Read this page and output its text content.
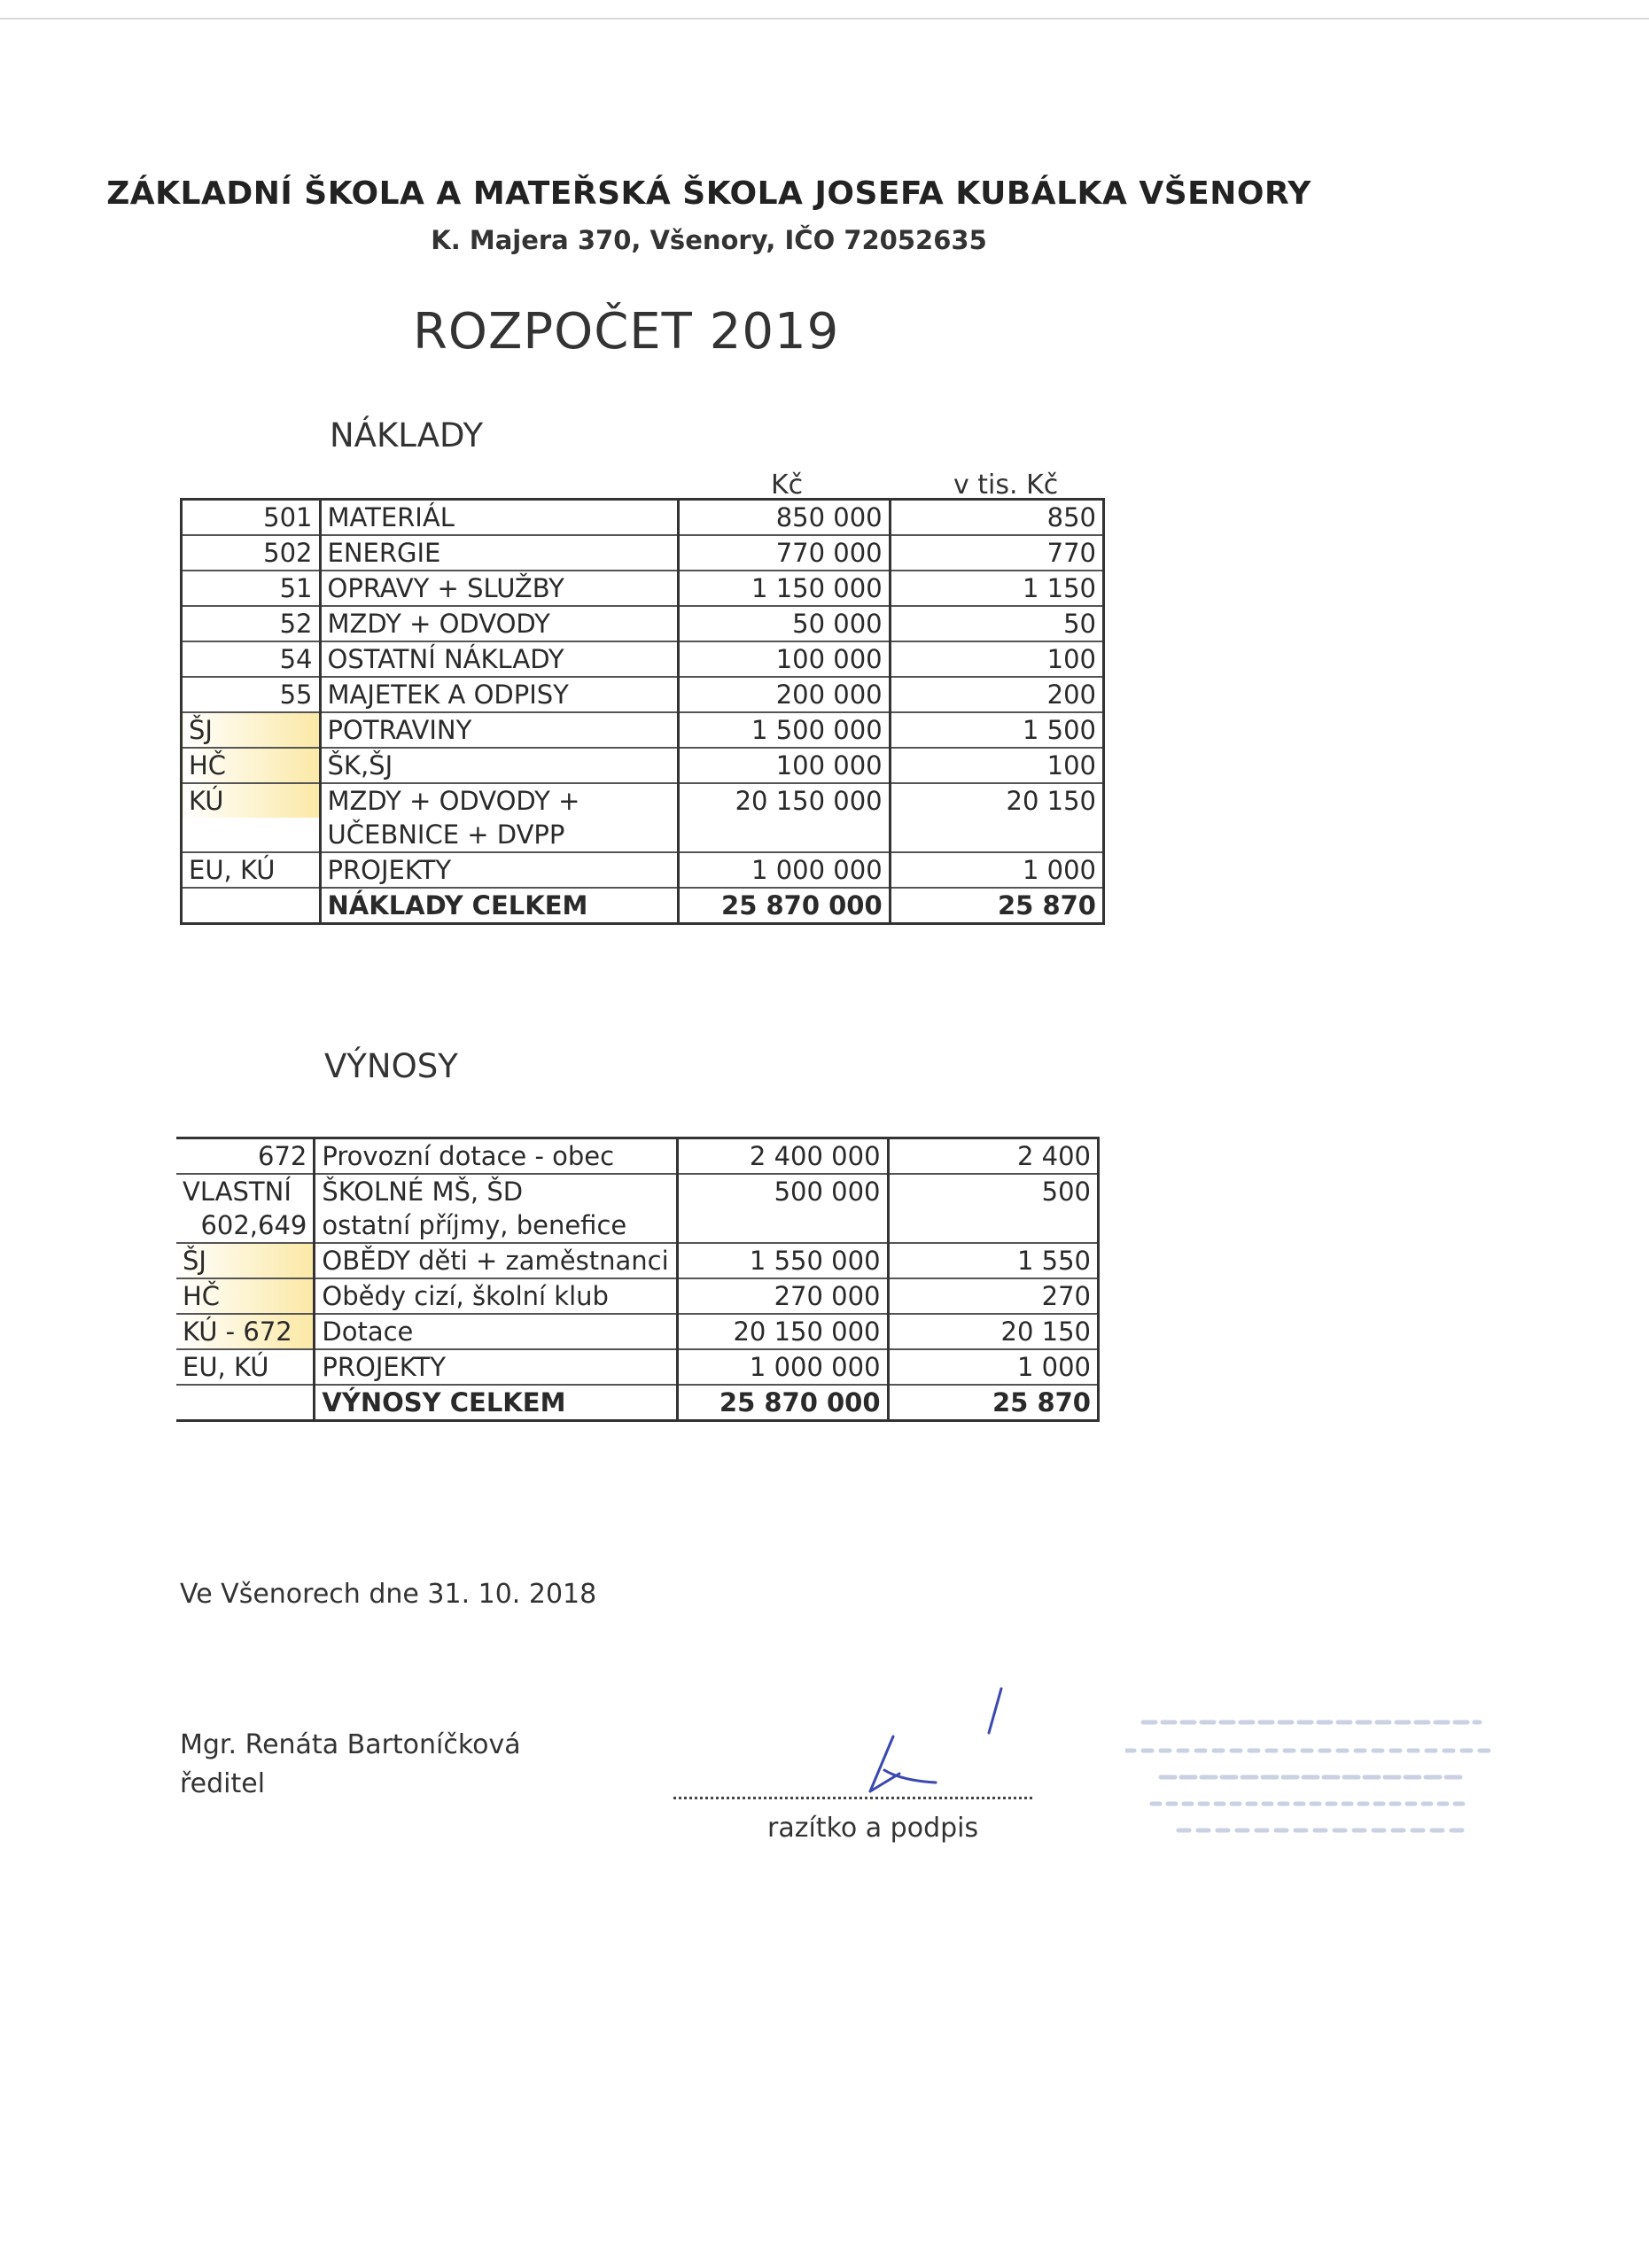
ZÁKLADNÍ ŠKOLA A MATEŘSKÁ ŠKOLA JOSEFA KUBÁLKA VŠENORY
K. Majera 370, Všenory, IČO 72052635
ROZPOČET 2019
NÁKLADY
Kč	v tis. Kč
501	MATERIÁL	850 000	850
502	ENERGIE	770 000	770
51	OPRAVY + SLUŽBY	1 150 000	1 150
52	MZDY + ODVODY	50 000	50
54	OSTATNÍ NÁKLADY	100 000	100
55	MAJETEK A ODPISY	200 000	200
ŠJ	POTRAVINY	1 500 000	1 500
HČ	ŠK,ŠJ	100 000	100
KÚ	MZDY + ODVODY +	20 150 000	20 150
	UČEBNICE + DVPP		
EU, KÚ	PROJEKTY	1 000 000	1 000
	NÁKLADY CELKEM	25 870 000	25 870
VÝNOSY
672	Provozní dotace - obec	2 400 000	2 400
VLASTNÍ	ŠKOLNÉ MŠ, ŠD	500 000	500
602,649	ostatní příjmy, benefice		
ŠJ	OBĚDY děti + zaměstnanci	1 550 000	1 550
HČ	Obědy cizí, školní klub	270 000	270
KÚ - 672	Dotace	20 150 000	20 150
EU, KÚ	PROJEKTY	1 000 000	1 000
	VÝNOSY CELKEM	25 870 000	25 870
Ve Všenorech dne 31. 10. 2018
Mgr. Renáta Bartoníčková
ředitel
razítko a podpis
